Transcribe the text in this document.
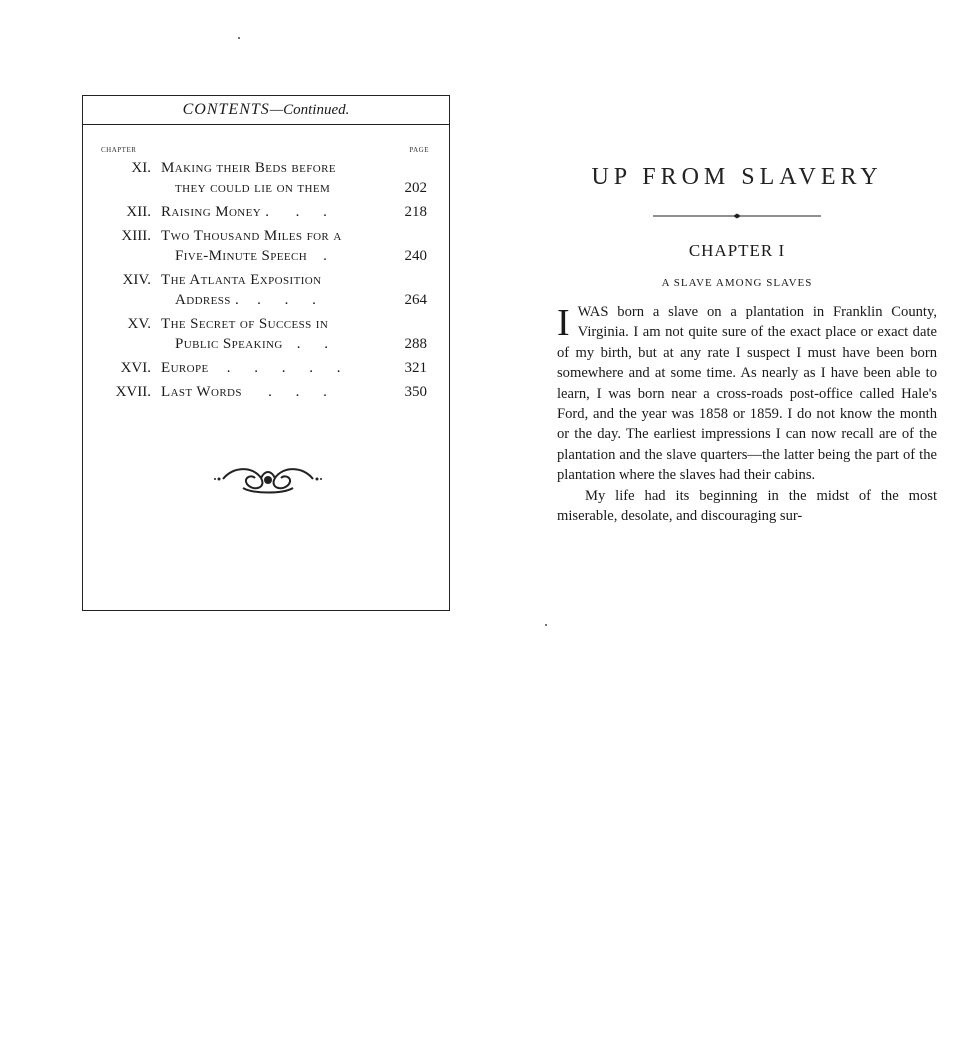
CONTENTS—Continued.
CHAPTER	PAGE
XI. Making their Beds before
they could lie on them	202
XII. Raising Money . . .	218
XIII. Two Thousand Miles for a
Five-Minute Speech .	240
XIV. The Atlanta Exposition
Address . . . .	264
XV. The Secret of Success in
Public Speaking . .	288
XVI. Europe . . . . .	321
XVII. Last Words . . .	350
UP FROM SLAVERY
CHAPTER I
A SLAVE AMONG SLAVES

IWAS born a slave on a plantation in Franklin County, Virginia. I am not quite sure of the exact place or exact date of my birth, but at any rate I suspect I must have been born somewhere and at some time. As nearly as I have been able to learn, I was born near a cross-roads post-office called Hale's Ford, and the year was 1858 or 1859. I do not know the month or the day. The earliest impressions I can now recall are of the plantation and the slave quarters—the latter being the part of the plantation where the slaves had their cabins.

My life had its beginning in the midst of the most miserable, desolate, and discouraging sur-
